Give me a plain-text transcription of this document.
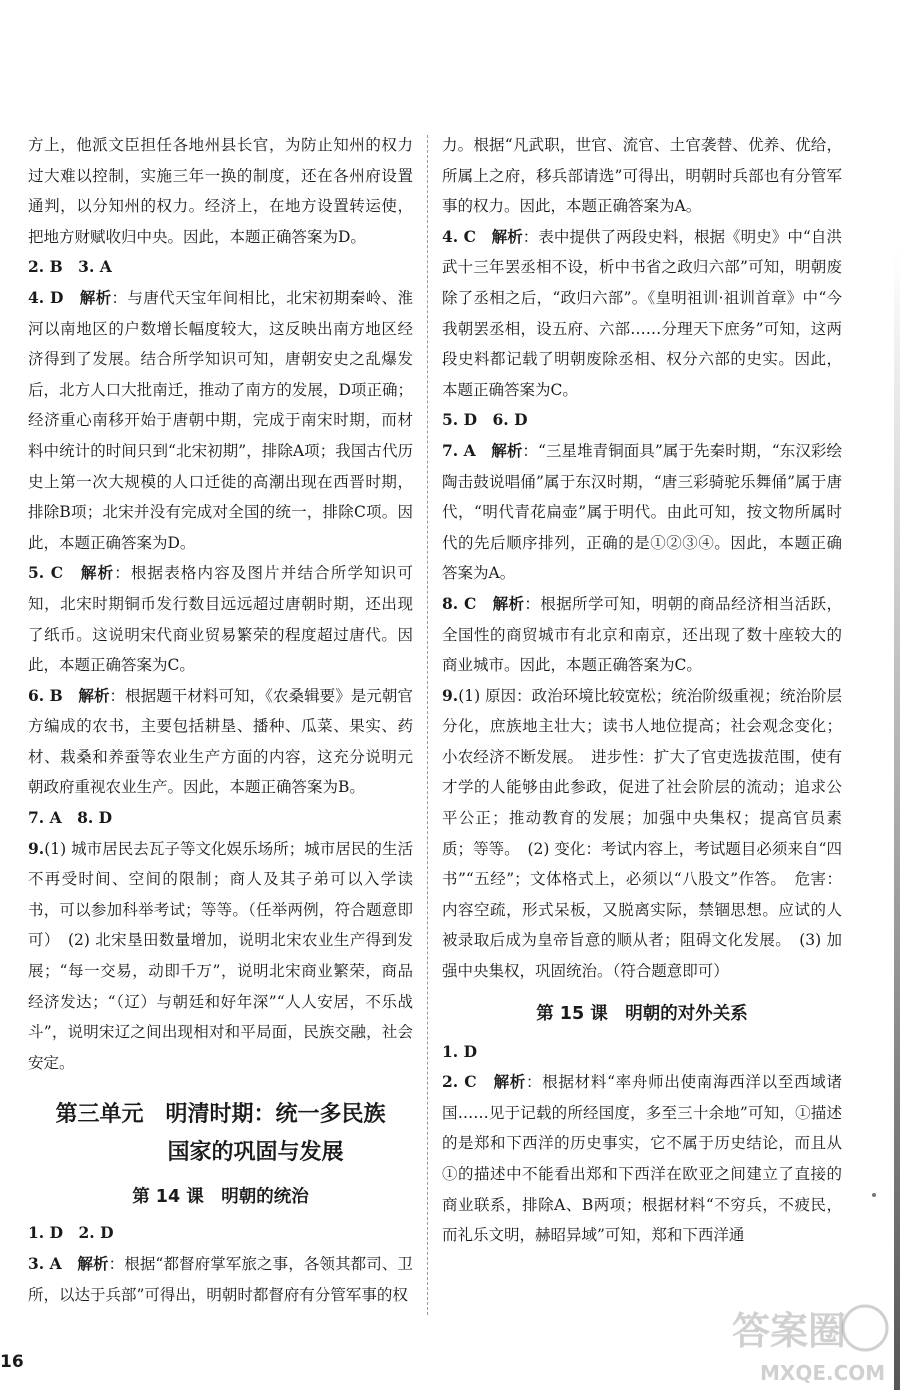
方上，他派文臣担任各地州县长官，为防止知州的权力过大难以控制，实施三年一换的制度，还在各州府设置通判，以分知州的权力。经济上，在地方设置转运使，把地方财赋收归中央。因此，本题正确答案为D。

2. B　3. A

4. D　 解析：与唐代天宝年间相比，北宋初期秦岭、淮河以南地区的户数增长幅度较大，这反映出南方地区经济得到了发展。结合所学知识可知，唐朝安史之乱爆发后，北方人口大批南迁，推动了南方的发展，D项正确；经济重心南移开始于唐朝中期，完成于南宋时期，而材料中统计的时间只到“北宋初期”，排除A项；我国古代历史上第一次大规模的人口迁徙的高潮出现在西晋时期，排除B项；北宋并没有完成对全国的统一，排除C项。因此，本题正确答案为D。

5. C　 解析：根据表格内容及图片并结合所学知识可知，北宋时期铜币发行数目远远超过唐朝时期，还出现了纸币。这说明宋代商业贸易繁荣的程度超过唐代。因此，本题正确答案为C。

6. B　 解析：根据题干材料可知，《农桑辑要》是元朝官方编成的农书，主要包括耕垦、播种、瓜菜、果实、药材、栽桑和养蚕等农业生产方面的内容，这充分说明元朝政府重视农业生产。因此，本题正确答案为B。

7. A　8. D

9.(1) 城市居民去瓦子等文化娱乐场所；城市居民的生活不再受时间、空间的限制；商人及其子弟可以入学读书，可以参加科举考试；等等。（任举两例，符合题意即可）　(2) 北宋垦田数量增加，说明北宋农业生产得到发展；“每一交易，动即千万”，说明北宋商业繁荣，商品经济发达；“（辽）与朝廷和好年深”“人人安居，不乐战斗”，说明宋辽之间出现相对和平局面，民族交融，社会安定。

第三单元　明清时期：统一多民族
国家的巩固与发展
第 14 课　明朝的统治

1. D　2. D

3. A　 解析：根据“都督府掌军旅之事，各领其都司、卫所，以达于兵部”可得出，明朝时都督府有分管军事的权

力。根据“凡武职，世官、流官、土官袭替、优养、优给，所属上之府，移兵部请选”可得出，明朝时兵部也有分管军事的权力。因此，本题正确答案为A。

4. C　 解析：表中提供了两段史料，根据《明史》中“自洪武十三年罢丞相不设，析中书省之政归六部”可知，明朝废除了丞相之后，“政归六部”。《皇明祖训·祖训首章》中“今我朝罢丞相，设五府、六部……分理天下庶务”可知，这两段史料都记载了明朝废除丞相、权分六部的史实。因此，本题正确答案为C。

5. D　6. D

7. A　 解析：“三星堆青铜面具”属于先秦时期，“东汉彩绘陶击鼓说唱俑”属于东汉时期，“唐三彩骑驼乐舞俑”属于唐代，“明代青花扁壶”属于明代。由此可知，按文物所属时代的先后顺序排列，正确的是①②③④。因此，本题正确答案为A。

8. C　 解析：根据所学可知，明朝的商品经济相当活跃，全国性的商贸城市有北京和南京，还出现了数十座较大的商业城市。因此，本题正确答案为C。

9.(1) 原因：政治环境比较宽松；统治阶级重视；统治阶层分化，庶族地主壮大；读书人地位提高；社会观念变化；小农经济不断发展。　进步性：扩大了官吏选拔范围，使有才学的人能够由此参政，促进了社会阶层的流动；追求公平公正；推动教育的发展；加强中央集权；提高官员素质；等等。　(2) 变化：考试内容上，考试题目必须来自“四书”“五经”；文体格式上，必须以“八股文”作答。　危害：内容空疏，形式呆板，又脱离实际，禁锢思想。应试的人被录取后成为皇帝旨意的顺从者；阻碍文化发展。　(3) 加强中央集权，巩固统治。（符合题意即可）

第 15 课　明朝的对外关系

1. D

2. C　 解析：根据材料“率舟师出使南海西洋以至西域诸国……见于记载的所经国度，多至三十余地”可知，①描述的是郑和下西洋的历史事实，它不属于历史结论，而且从①的描述中不能看出郑和下西洋在欧亚之间建立了直接的商业联系，排除A、B两项；根据材料“不穷兵，不疲民，而礼乐文明，赫昭异域”可知，郑和下西洋通

16
答案圈
MXQE.COM
